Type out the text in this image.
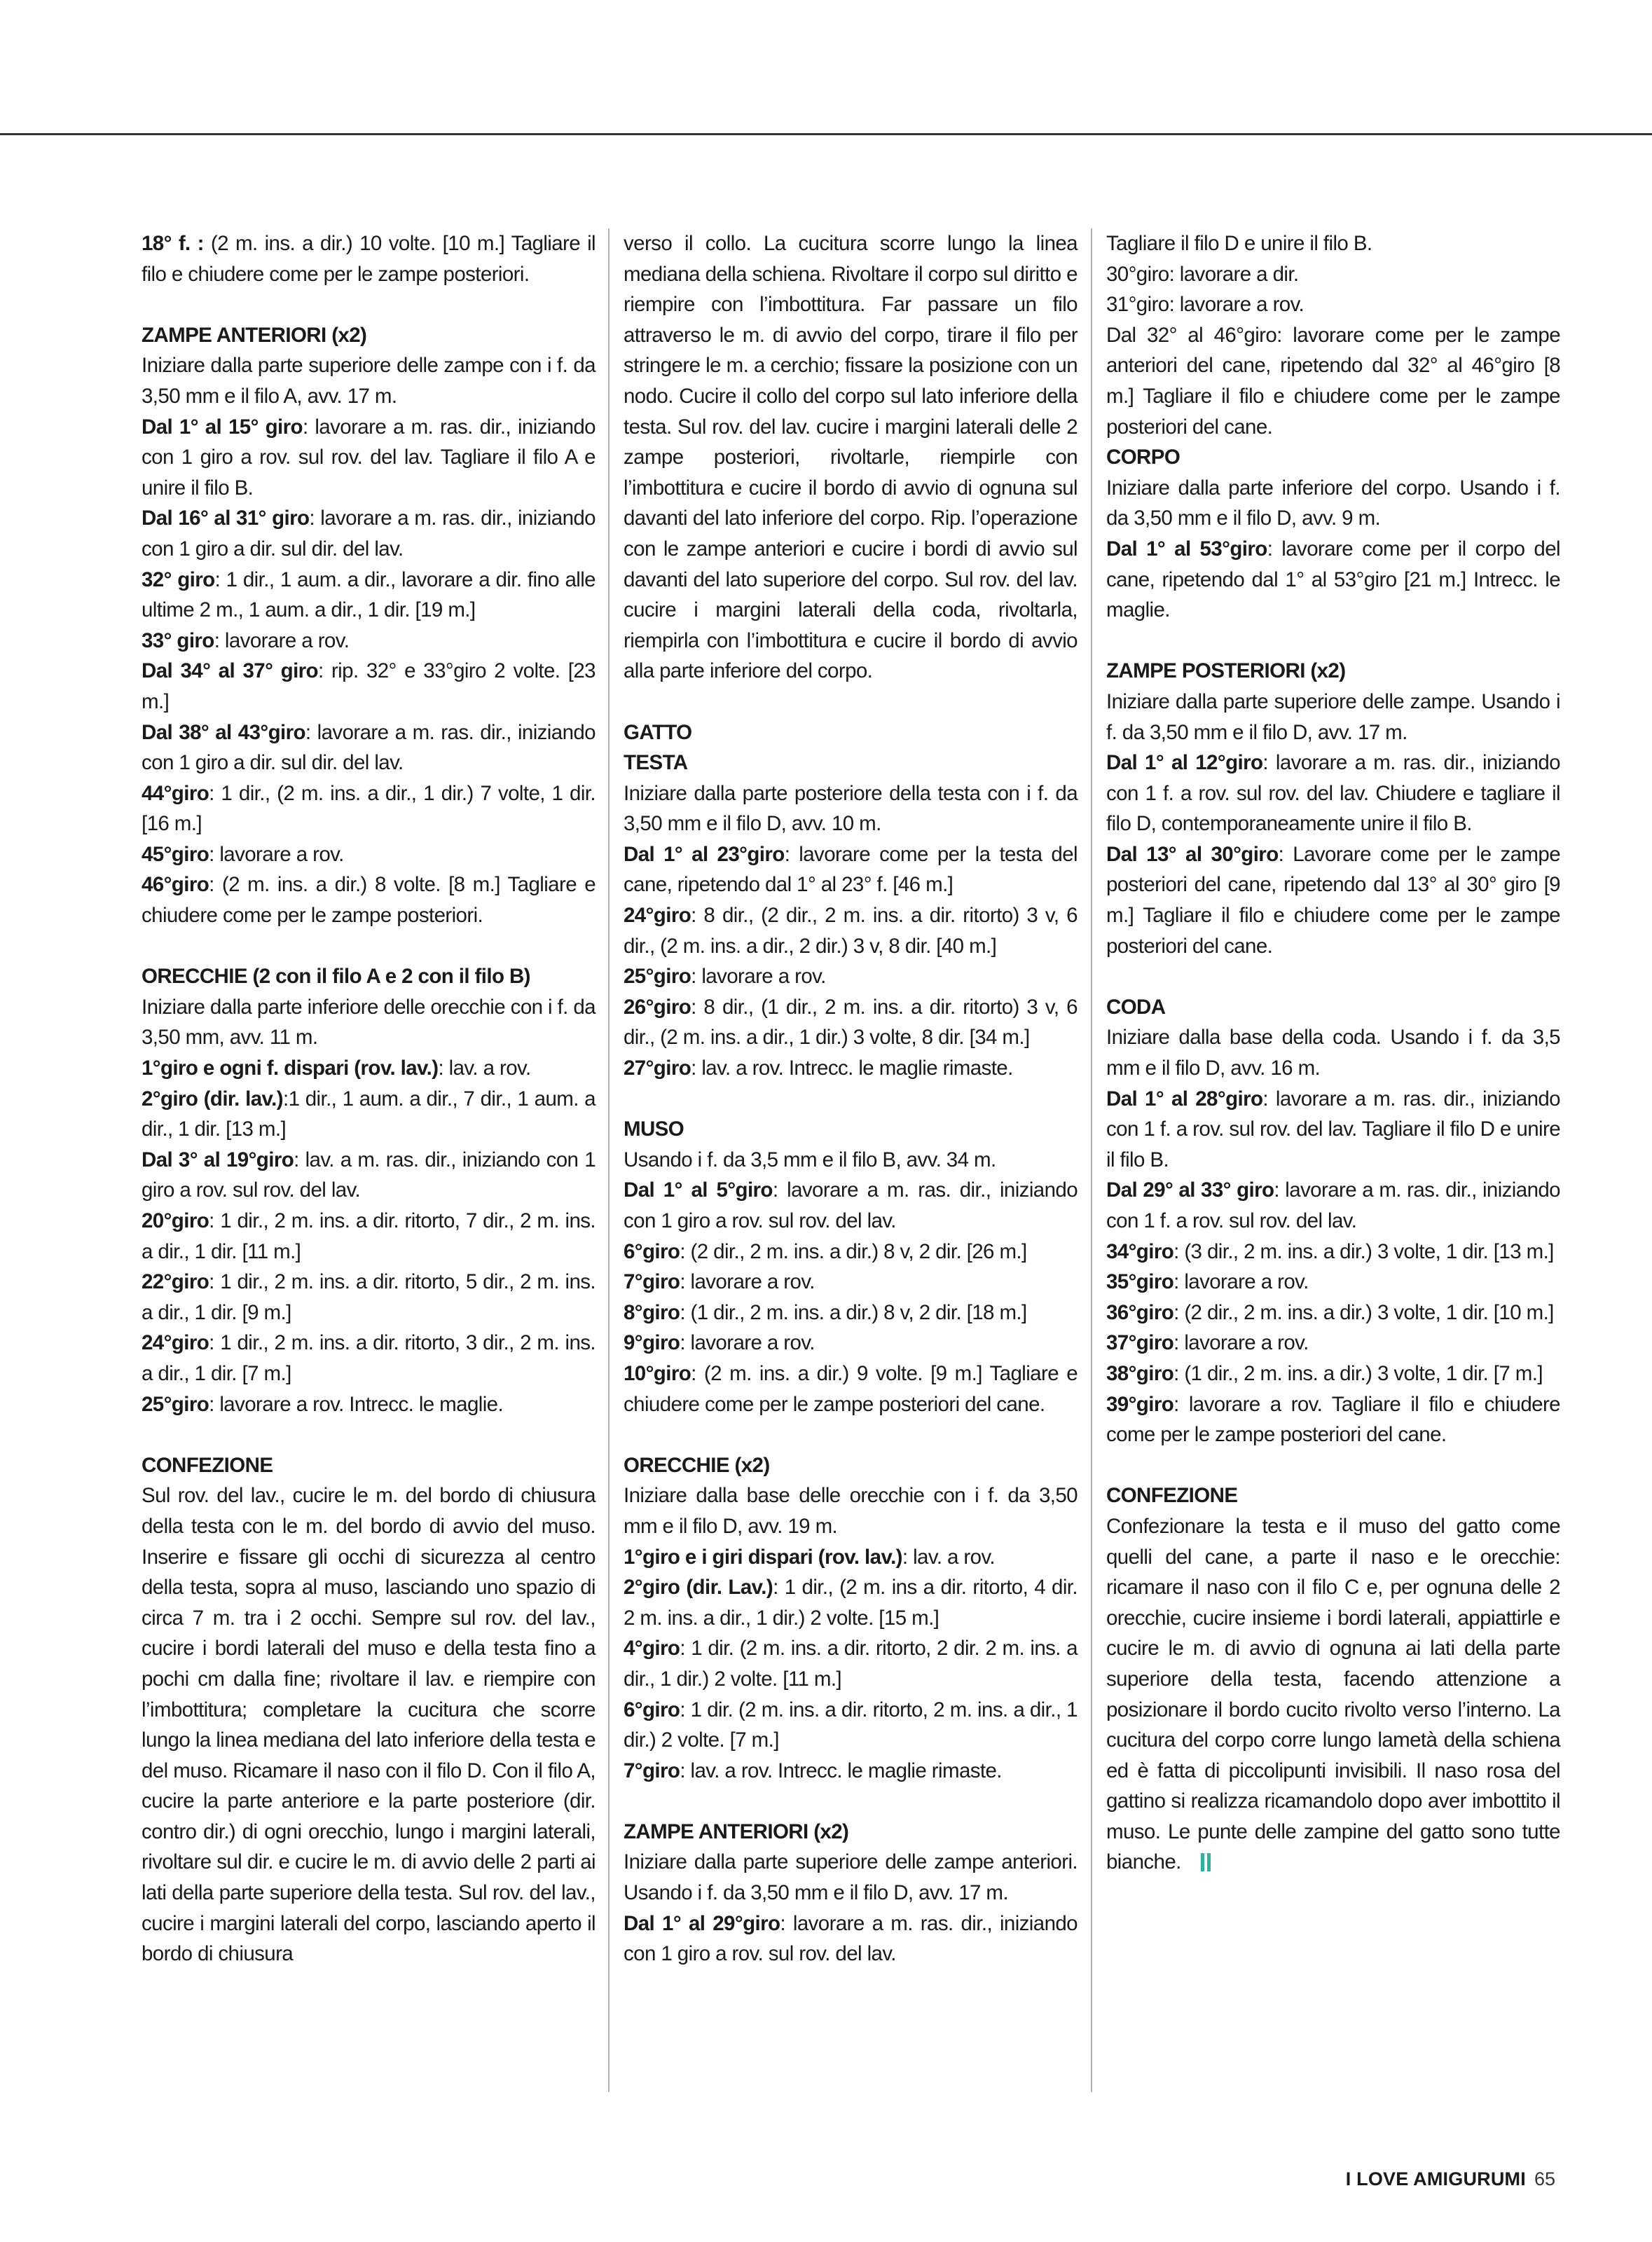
18° f. : (2 m. ins. a dir.) 10 volte. [10 m.] Tagliare il filo e chiudere come per le zampe posteriori.

ZAMPE ANTERIORI (x2)

Iniziare dalla parte superiore delle zampe con i f. da 3,50 mm e il filo A, avv. 17 m.

Dal 1° al 15° giro: lavorare a m. ras. dir., iniziando con 1 giro a rov. sul rov. del lav. Tagliare il filo A e unire il filo B.

Dal 16° al 31° giro: lavorare a m. ras. dir., iniziando con 1 giro a dir. sul dir. del lav.

32° giro: 1 dir., 1 aum. a dir., lavorare a dir. fino alle ultime 2 m., 1 aum. a dir., 1 dir. [19 m.]

33° giro: lavorare a rov.

Dal 34° al 37° giro: rip. 32° e 33°giro 2 volte. [23 m.]

Dal 38° al 43°giro: lavorare a m. ras. dir., iniziando con 1 giro a dir. sul dir. del lav.

44°giro: 1 dir., (2 m. ins. a dir., 1 dir.) 7 volte, 1 dir. [16 m.]

45°giro: lavorare a rov.

46°giro: (2 m. ins. a dir.) 8 volte. [8 m.] Tagliare e chiudere come per le zampe posteriori.

ORECCHIE (2 con il filo A e 2 con il filo B)

Iniziare dalla parte inferiore delle orecchie con i f. da 3,50 mm, avv. 11 m.

1°giro e ogni f. dispari (rov. lav.): lav. a rov.

2°giro (dir. lav.):1 dir., 1 aum. a dir., 7 dir., 1 aum. a dir., 1 dir. [13 m.]

Dal 3° al 19°giro: lav. a m. ras. dir., iniziando con 1 giro a rov. sul rov. del lav.

20°giro: 1 dir., 2 m. ins. a dir. ritorto, 7 dir., 2 m. ins. a dir., 1 dir. [11 m.]

22°giro: 1 dir., 2 m. ins. a dir. ritorto, 5 dir., 2 m. ins. a dir., 1 dir. [9 m.]

24°giro: 1 dir., 2 m. ins. a dir. ritorto, 3 dir., 2 m. ins. a dir., 1 dir. [7 m.]

25°giro: lavorare a rov. Intrecc. le maglie.

CONFEZIONE

Sul rov. del lav., cucire le m. del bordo di chiusura della testa con le m. del bordo di avvio del muso. Inserire e fissare gli occhi di sicurezza al centro della testa, sopra al muso, lasciando uno spazio di circa 7 m. tra i 2 occhi. Sempre sul rov. del lav., cucire i bordi laterali del muso e della testa fino a pochi cm dalla fine; rivoltare il lav. e riempire con l’imbottitura; completare la cucitura che scorre lungo la linea mediana del lato inferiore della testa e del muso. Ricamare il naso con il filo D. Con il filo A, cucire la parte anteriore e la parte posteriore (dir. contro dir.) di ogni orecchio, lungo i margini laterali, rivoltare sul dir. e cucire le m. di avvio delle 2 parti ai lati della parte superiore della testa. Sul rov. del lav., cucire i margini laterali del corpo, lasciando aperto il bordo di chiusura

verso il collo. La cucitura scorre lungo la linea mediana della schiena. Rivoltare il corpo sul diritto e riempire con l’imbottitura. Far passare un filo attraverso le m. di avvio del corpo, tirare il filo per stringere le m. a cerchio; fissare la posizione con un nodo. Cucire il collo del corpo sul lato inferiore della testa. Sul rov. del lav. cucire i margini laterali delle 2 zampe posteriori, rivoltarle, riempirle con l’imbottitura e cucire il bordo di avvio di ognuna sul davanti del lato inferiore del corpo. Rip. l’operazione con le zampe anteriori e cucire i bordi di avvio sul davanti del lato superiore del corpo. Sul rov. del lav. cucire i margini laterali della coda, rivoltarla, riempirla con l’imbottitura e cucire il bordo di avvio alla parte inferiore del corpo.

GATTO

TESTA

Iniziare dalla parte posteriore della testa con i f. da 3,50 mm e il filo D, avv. 10 m.

Dal 1° al 23°giro: lavorare come per la testa del cane, ripetendo dal 1° al 23° f. [46 m.]

24°giro: 8 dir., (2 dir., 2 m. ins. a dir. ritorto) 3 v, 6 dir., (2 m. ins. a dir., 2 dir.) 3 v, 8 dir. [40 m.]

25°giro: lavorare a rov.

26°giro: 8 dir., (1 dir., 2 m. ins. a dir. ritorto) 3 v, 6 dir., (2 m. ins. a dir., 1 dir.) 3 volte, 8 dir. [34 m.]

27°giro: lav. a rov. Intrecc. le maglie rimaste.

MUSO

Usando i f. da 3,5 mm e il filo B, avv. 34 m.

Dal 1° al 5°giro: lavorare a m. ras. dir., iniziando con 1 giro a rov. sul rov. del lav.

6°giro: (2 dir., 2 m. ins. a dir.) 8 v, 2 dir. [26 m.]

7°giro: lavorare a rov.

8°giro: (1 dir., 2 m. ins. a dir.) 8 v, 2 dir. [18 m.]

9°giro: lavorare a rov.

10°giro: (2 m. ins. a dir.) 9 volte. [9 m.] Tagliare e chiudere come per le zampe posteriori del cane.

ORECCHIE (x2)

Iniziare dalla base delle orecchie con i f. da 3,50 mm e il filo D, avv. 19 m.

1°giro e i giri dispari (rov. lav.): lav. a rov.

2°giro (dir. Lav.): 1 dir., (2 m. ins a dir. ritorto, 4 dir. 2 m. ins. a dir., 1 dir.) 2 volte. [15 m.]

4°giro: 1 dir. (2 m. ins. a dir. ritorto, 2 dir. 2 m. ins. a dir., 1 dir.) 2 volte. [11 m.]

6°giro: 1 dir. (2 m. ins. a dir. ritorto, 2 m. ins. a dir., 1 dir.) 2 volte. [7 m.]

7°giro: lav. a rov. Intrecc. le maglie rimaste.

ZAMPE ANTERIORI (x2)

Iniziare dalla parte superiore delle zampe anteriori. Usando i f. da 3,50 mm e il filo D, avv. 17 m.

Dal 1° al 29°giro: lavorare a m. ras. dir., iniziando con 1 giro a rov. sul rov. del lav.

Tagliare il filo D e unire il filo B.

30°giro: lavorare a dir.

31°giro: lavorare a rov.

Dal 32° al 46°giro: lavorare come per le zampe anteriori del cane, ripetendo dal 32° al 46°giro [8 m.] Tagliare il filo e chiudere come per le zampe posteriori del cane.

CORPO

Iniziare dalla parte inferiore del corpo. Usando i f. da 3,50 mm e il filo D, avv. 9 m.

Dal 1° al 53°giro: lavorare come per il corpo del cane, ripetendo dal 1° al 53°giro [21 m.] Intrecc. le maglie.

ZAMPE POSTERIORI (x2)

Iniziare dalla parte superiore delle zampe. Usando i f. da 3,50 mm e il filo D, avv. 17 m.

Dal 1° al 12°giro: lavorare a m. ras. dir., iniziando con 1 f. a rov. sul rov. del lav. Chiudere e tagliare il filo D, contemporaneamente unire il filo B.

Dal 13° al 30°giro: Lavorare come per le zampe posteriori del cane, ripetendo dal 13° al 30° giro [9 m.] Tagliare il filo e chiudere come per le zampe posteriori del cane.

CODA

Iniziare dalla base della coda. Usando i f. da 3,5 mm e il filo D, avv. 16 m.

Dal 1° al 28°giro: lavorare a m. ras. dir., iniziando con 1 f. a rov. sul rov. del lav. Tagliare il filo D e unire il filo B.

Dal 29° al 33° giro: lavorare a m. ras. dir., iniziando con 1 f. a rov. sul rov. del lav.

34°giro: (3 dir., 2 m. ins. a dir.) 3 volte, 1 dir. [13 m.]

35°giro: lavorare a rov.

36°giro: (2 dir., 2 m. ins. a dir.) 3 volte, 1 dir. [10 m.]

37°giro: lavorare a rov.

38°giro: (1 dir., 2 m. ins. a dir.) 3 volte, 1 dir. [7 m.]

39°giro: lavorare a rov. Tagliare il filo e chiudere come per le zampe posteriori del cane.

CONFEZIONE

Confezionare la testa e il muso del gatto come quelli del cane, a parte il naso e le orecchie: ricamare il naso con il filo C e, per ognuna delle 2 orecchie, cucire insieme i bordi laterali, appiattirle e cucire le m. di avvio di ognuna ai lati della parte superiore della testa, facendo attenzione a posizionare il bordo cucito rivolto verso l’interno. La cucitura del corpo corre lungo lametà della schiena ed è fatta di piccolipunti invisibili. Il naso rosa del gattino si realizza ricamandolo dopo aver imbottito il muso. Le punte delle zampine del gatto sono tutte bianche.

I LOVE AMIGURUMI 65
